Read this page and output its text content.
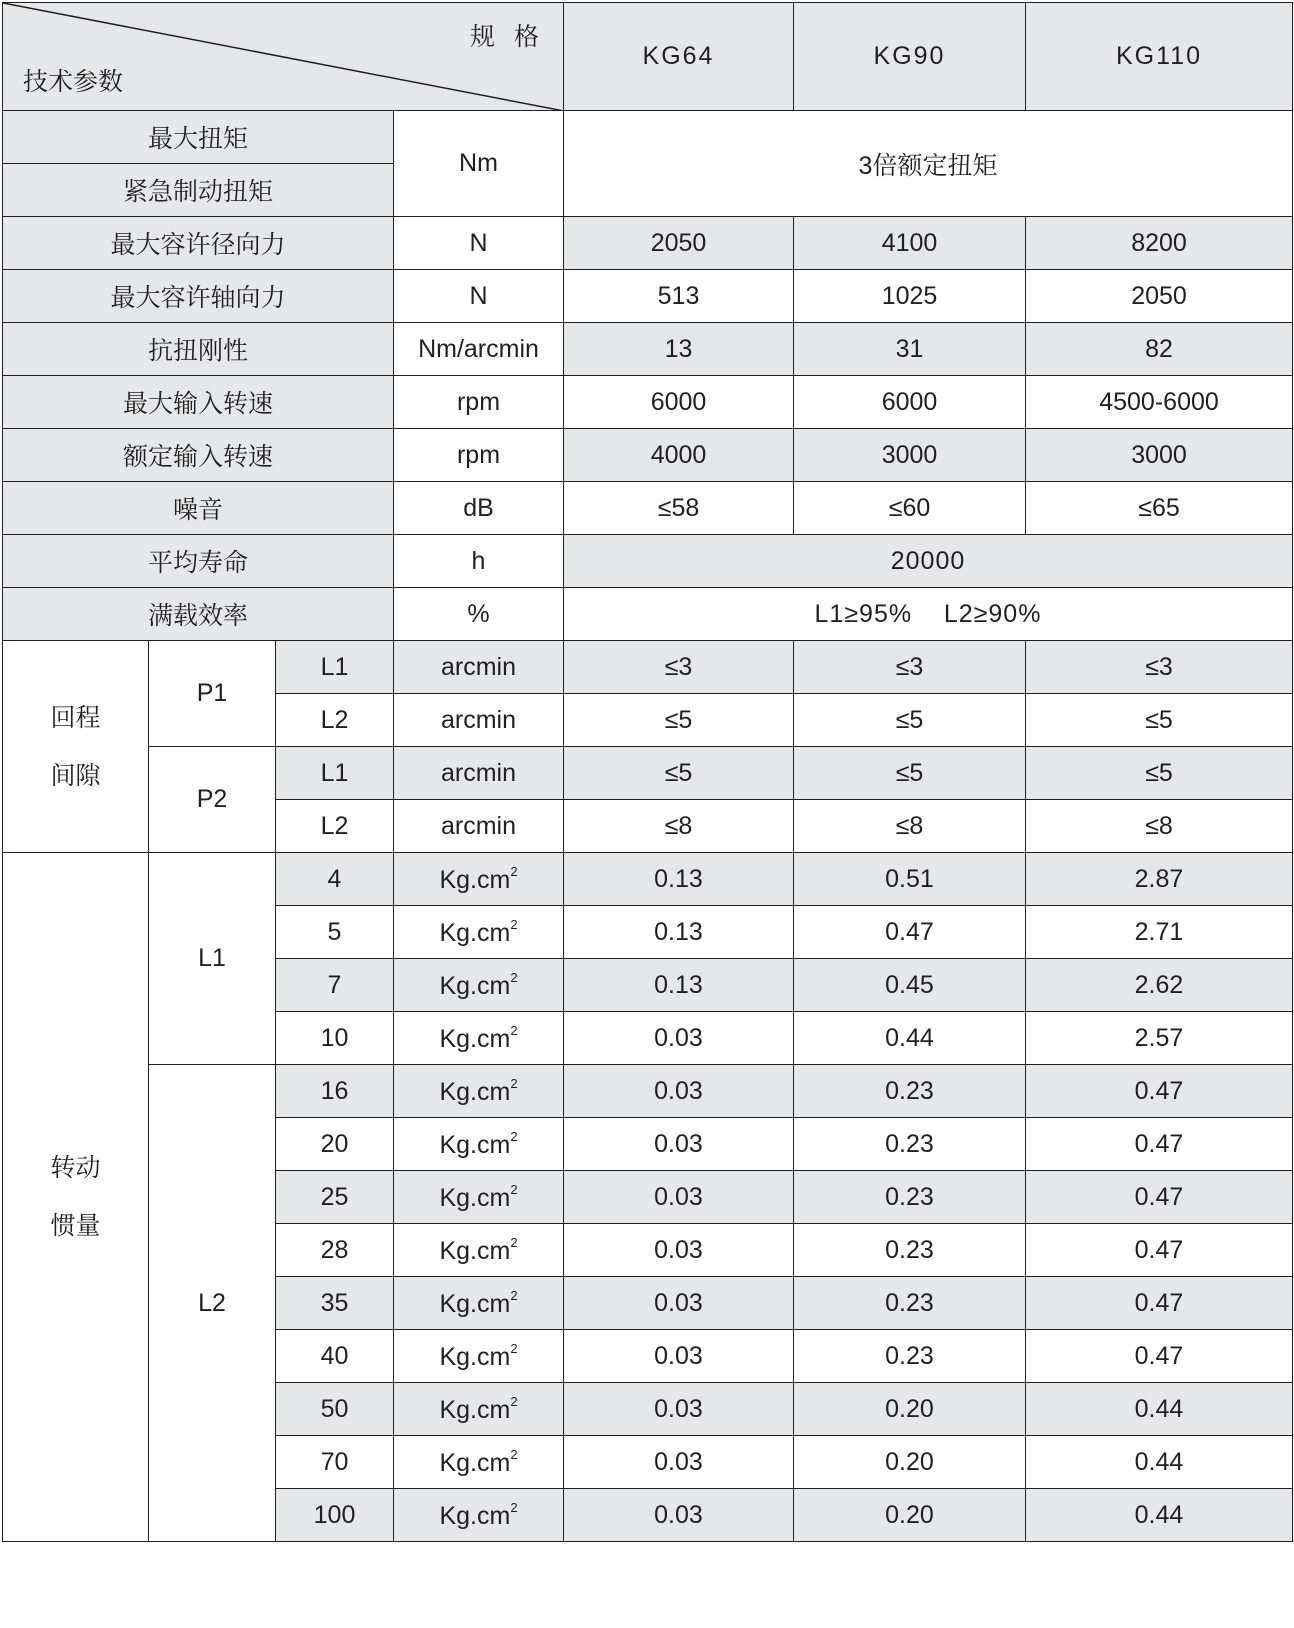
规 格
技术参数				KG64	KG90	KG110
最大扭矩			Nm	3倍额定扭矩		
紧急制动扭矩						
最大容许径向力			N	2050	4100	8200
最大容许轴向力			N	513	1025	2050
抗扭刚性			Nm/arcmin	13	31	82
最大输入转速			rpm	6000	6000	4500-6000
额定输入转速			rpm	4000	3000	3000
噪音			dB	≤58	≤60	≤65
平均寿命			h	20000		
满载效率			%	L1≥95%    L2≥90%		

回程
间隙	P1	L1	arcmin	≤3	≤3	≤3
		L2	arcmin	≤5	≤5	≤5
	P2	L1	arcmin	≤5	≤5	≤5
		L2	arcmin	≤8	≤8	≤8

转动
惯量	L1	4	$Kg.cm^2$	0.13	0.51	2.87
		5	$Kg.cm^2$	0.13	0.47	2.71
		7	$Kg.cm^2$	0.13	0.45	2.62
		10	$Kg.cm^2$	0.03	0.44	2.57
	L2	16	$Kg.cm^2$	0.03	0.23	0.47
		20	$Kg.cm^2$	0.03	0.23	0.47
		25	$Kg.cm^2$	0.03	0.23	0.47
		28	$Kg.cm^2$	0.03	0.23	0.47
		35	$Kg.cm^2$	0.03	0.23	0.47
		40	$Kg.cm^2$	0.03	0.23	0.47
		50	$Kg.cm^2$	0.03	0.20	0.44
		70	$Kg.cm^2$	0.03	0.20	0.44
		100	$Kg.cm^2$	0.03	0.20	0.44
